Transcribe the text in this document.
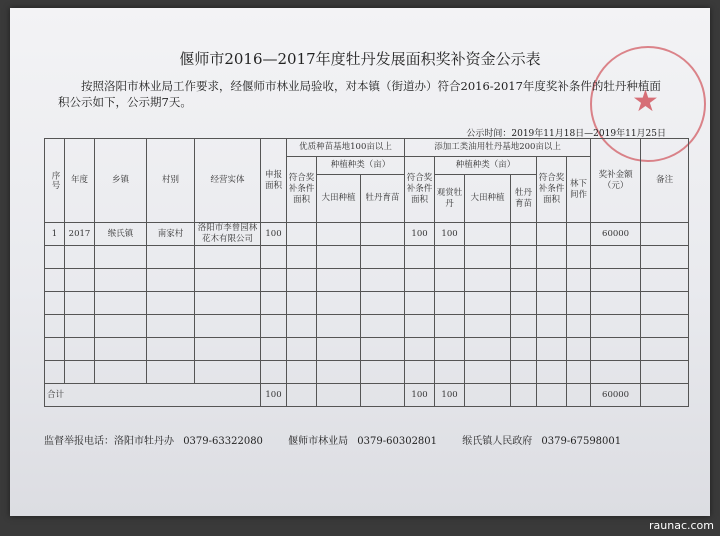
★
偃师市2016—2017年度牡丹发展面积奖补资金公示表
按照洛阳市林业局工作要求，经偃师市林业局验收，对本镇（街道办）符合2016-2017年度奖补条件的牡丹种植面积公示如下，公示期7天。
公示时间：2019年11月18日—2019年11月25日
序号	年度	乡镇	村别	经营实体	申报面积	优质种苗基地100亩以上			添加工类油用牡丹基地200亩以上						奖补金额（元）	备注
						符合奖补条件面积	种植种类（亩）		符合奖补条件面积	种植种类（亩）			符合奖补条件面积	林下间作		
							大田种植	牡丹育苗		观赏牡丹	大田种植	牡丹育苗				
1	2017	缑氏镇	南家村	洛阳市李曾园林花木有限公司	100				100	100					60000	

合计					100				100	100					60000	
监督举报电话：洛阳市牡丹办 0379-63322080	偃师市林业局 0379-60302801	缑氏镇人民政府 0379-67598001
raunac.com
